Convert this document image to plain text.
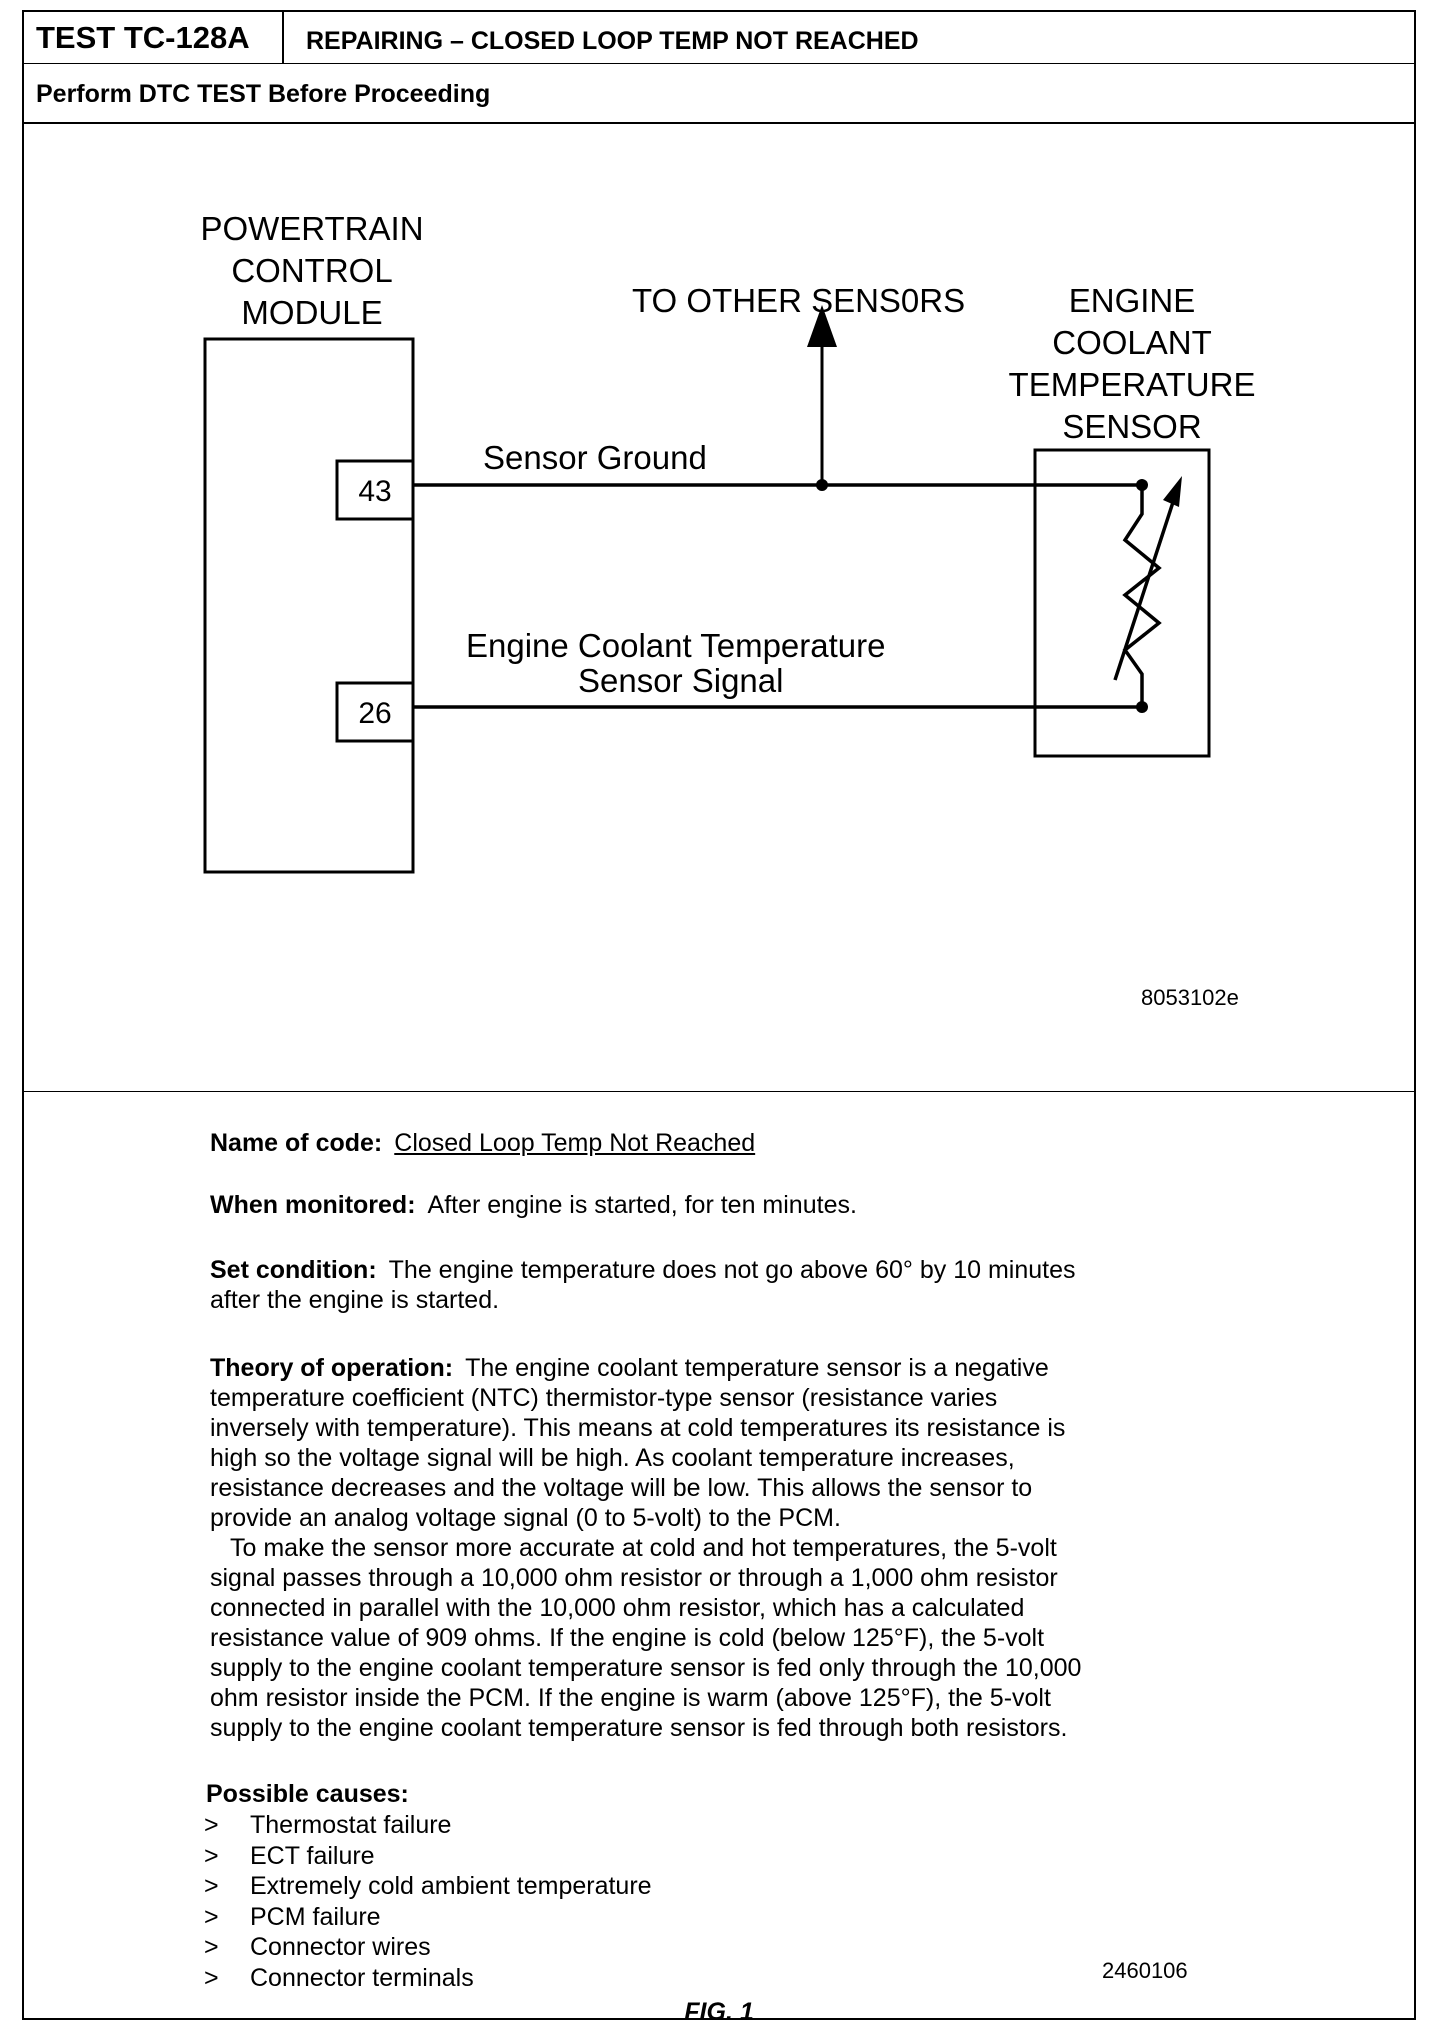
TEST TC-128A	REPAIRING – CLOSED LOOP TEMP NOT REACHED
Perform DTC TEST Before Proceeding
POWERTRAIN
CONTROL
MODULE
43
26
Sensor Ground
TO OTHER SENS0RS
Engine Coolant Temperature
Sensor Signal
ENGINE
COOLANT
TEMPERATURE
SENSOR
8053102e

Name of code: Closed Loop Temp Not Reached

When monitored: After engine is started, for ten minutes.

Set condition: The engine temperature does not go above 60° by 10 minutes
after the engine is started.

Theory of operation: The engine coolant temperature sensor is a negative
temperature coefficient (NTC) thermistor-type sensor (resistance varies
inversely with temperature). This means at cold temperatures its resistance is
high so the voltage signal will be high. As coolant temperature increases,
resistance decreases and the voltage will be low. This allows the sensor to
provide an analog voltage signal (0 to 5-volt) to the PCM.
To make the sensor more accurate at cold and hot temperatures, the 5-volt
signal passes through a 10,000 ohm resistor or through a 1,000 ohm resistor
connected in parallel with the 10,000 ohm resistor, which has a calculated
resistance value of 909 ohms. If the engine is cold (below 125°F), the 5-volt
supply to the engine coolant temperature sensor is fed only through the 10,000
ohm resistor inside the PCM. If the engine is warm (above 125°F), the 5-volt
supply to the engine coolant temperature sensor is fed through both resistors.

Possible causes:
> Thermostat failure
> ECT failure
> Extremely cold ambient temperature
> PCM failure
> Connector wires
> Connector terminals	2460106
FIG. 1
